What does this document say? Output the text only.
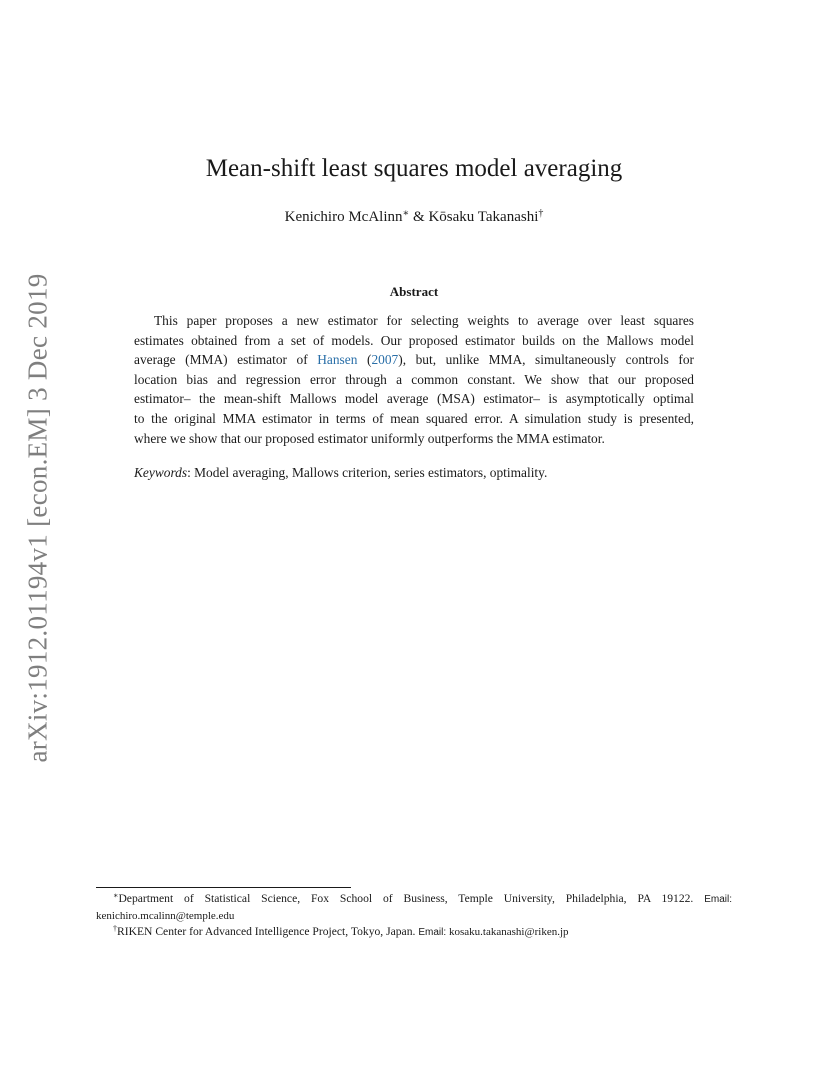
arXiv:1912.01194v1 [econ.EM] 3 Dec 2019
Mean-shift least squares model averaging
Kenichiro McAlinn∗ & Kōsaku Takanashi†
Abstract
This paper proposes a new estimator for selecting weights to average over least squares
estimates obtained from a set of models. Our proposed estimator builds on the Mallows model
average (MMA) estimator of Hansen (2007), but, unlike MMA, simultaneously controls for
location bias and regression error through a common constant. We show that our proposed
estimator– the mean-shift Mallows model average (MSA) estimator– is asymptotically optimal
to the original MMA estimator in terms of mean squared error. A simulation study is presented,
where we show that our proposed estimator uniformly outperforms the MMA estimator.
Keywords: Model averaging, Mallows criterion, series estimators, optimality.
∗Department of Statistical Science, Fox School of Business, Temple University, Philadelphia, PA 19122. Email:
kenichiro.mcalinn@temple.edu
†RIKEN Center for Advanced Intelligence Project, Tokyo, Japan. Email: kosaku.takanashi@riken.jp
